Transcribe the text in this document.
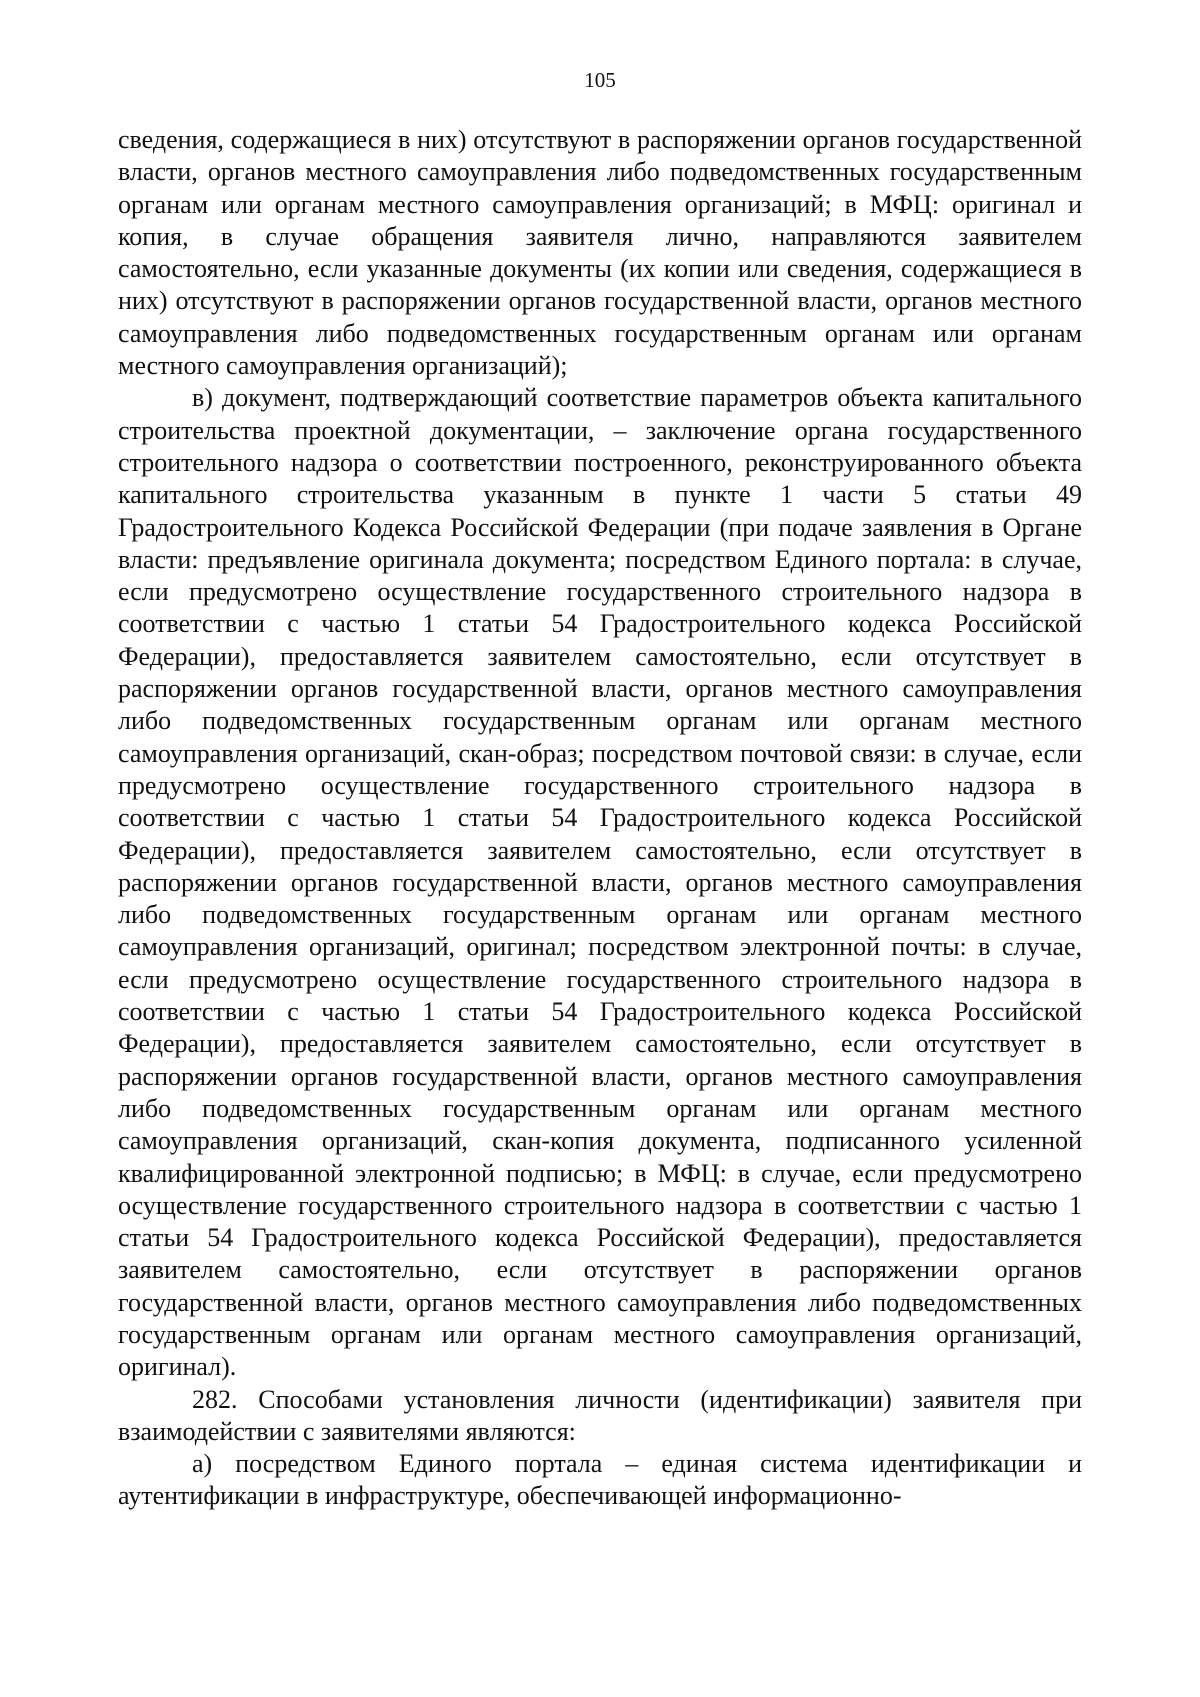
105

сведения, содержащиеся в них) отсутствуют в распоряжении органов государственной власти, органов местного самоуправления либо подведомственных государственным органам или органам местного самоуправления организаций; в МФЦ: оригинал и копия, в случае обращения заявителя лично, направляются заявителем самостоятельно, если указанные документы (их копии или сведения, содержащиеся в них) отсутствуют в распоряжении органов государственной власти, органов местного самоуправления либо подведомственных государственным органам или органам местного самоуправления организаций);

в) документ, подтверждающий соответствие параметров объекта капитального строительства проектной документации, – заключение органа государственного строительного надзора о соответствии построенного, реконструированного объекта капитального строительства указанным в пункте 1 части 5 статьи 49 Градостроительного Кодекса Российской Федерации (при подаче заявления в Органе власти: предъявление оригинала документа; посредством Единого портала: в случае, если предусмотрено осуществление государственного строительного надзора в соответствии с частью 1 статьи 54 Градостроительного кодекса Российской Федерации), предоставляется заявителем самостоятельно, если отсутствует в распоряжении органов государственной власти, органов местного самоуправления либо подведомственных государственным органам или органам местного самоуправления организаций, скан-образ; посредством почтовой связи: в случае, если предусмотрено осуществление государственного строительного надзора в соответствии с частью 1 статьи 54 Градостроительного кодекса Российской Федерации), предоставляется заявителем самостоятельно, если отсутствует в распоряжении органов государственной власти, органов местного самоуправления либо подведомственных государственным органам или органам местного самоуправления организаций, оригинал; посредством электронной почты: в случае, если предусмотрено осуществление государственного строительного надзора в соответствии с частью 1 статьи 54 Градостроительного кодекса Российской Федерации), предоставляется заявителем самостоятельно, если отсутствует в распоряжении органов государственной власти, органов местного самоуправления либо подведомственных государственным органам или органам местного самоуправления организаций, скан-копия документа, подписанного усиленной квалифицированной электронной подписью; в МФЦ: в случае, если предусмотрено осуществление государственного строительного надзора в соответствии с частью 1 статьи 54 Градостроительного кодекса Российской Федерации), предоставляется заявителем самостоятельно, если отсутствует в распоряжении органов государственной власти, органов местного самоуправления либо подведомственных государственным органам или органам местного самоуправления организаций, оригинал).

282. Способами установления личности (идентификации) заявителя при взаимодействии с заявителями являются:

а) посредством Единого портала – единая система идентификации и аутентификации в инфраструктуре, обеспечивающей информационно-
